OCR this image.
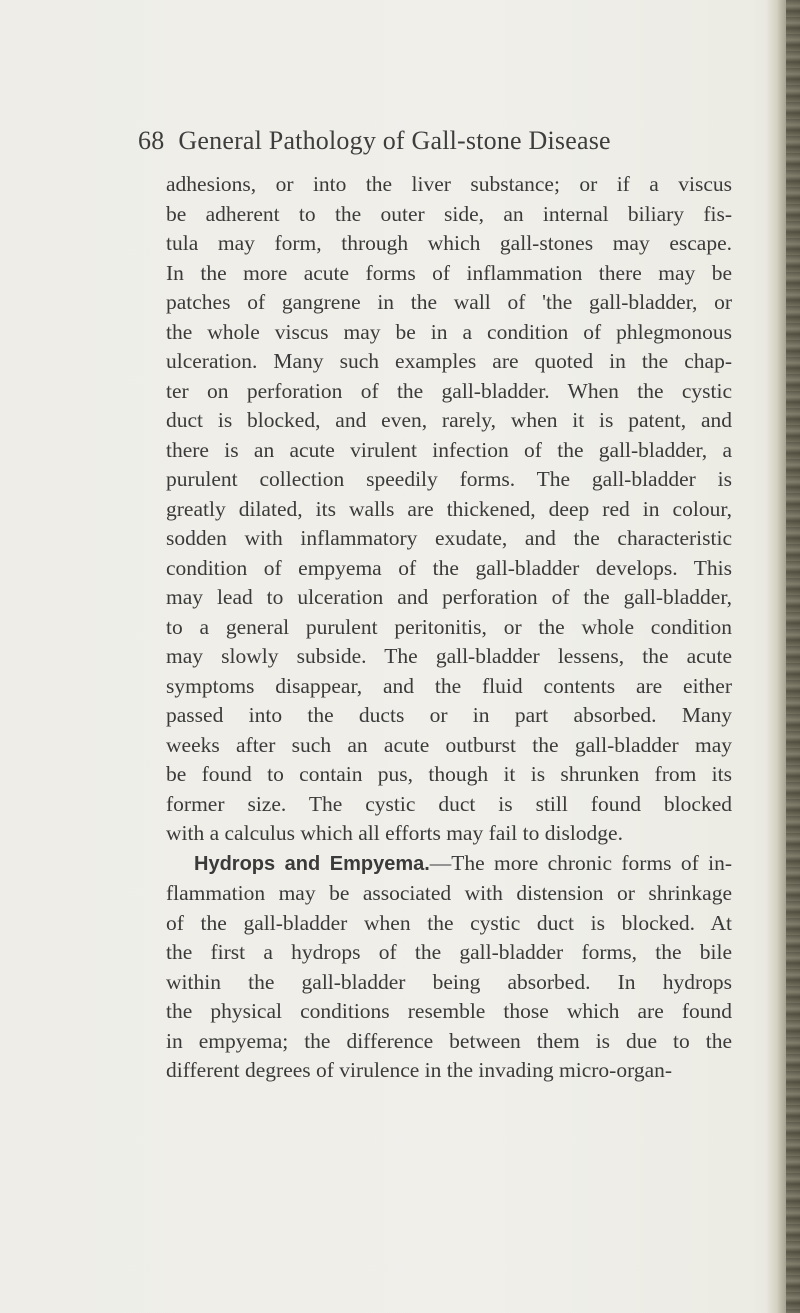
68 General Pathology of Gall-stone Disease
adhesions, or into the liver substance; or if a viscus
be adherent to the outer side, an internal biliary fis-
tula may form, through which gall-stones may escape.
In the more acute forms of inflammation there may be
patches of gangrene in the wall of 'the gall-bladder, or
the whole viscus may be in a condition of phlegmonous
ulceration. Many such examples are quoted in the chap-
ter on perforation of the gall-bladder. When the cystic
duct is blocked, and even, rarely, when it is patent, and
there is an acute virulent infection of the gall-bladder, a
purulent collection speedily forms. The gall-bladder is
greatly dilated, its walls are thickened, deep red in colour,
sodden with inflammatory exudate, and the characteristic
condition of empyema of the gall-bladder develops. This
may lead to ulceration and perforation of the gall-bladder,
to a general purulent peritonitis, or the whole condition
may slowly subside. The gall-bladder lessens, the acute
symptoms disappear, and the fluid contents are either
passed into the ducts or in part absorbed. Many
weeks after such an acute outburst the gall-bladder may
be found to contain pus, though it is shrunken from its
former size. The cystic duct is still found blocked
with a calculus which all efforts may fail to dislodge.
Hydrops and Empyema.—The more chronic forms of in-
flammation may be associated with distension or shrinkage
of the gall-bladder when the cystic duct is blocked. At
the first a hydrops of the gall-bladder forms, the bile
within the gall-bladder being absorbed. In hydrops
the physical conditions resemble those which are found
in empyema; the difference between them is due to the
different degrees of virulence in the invading micro-organ-
